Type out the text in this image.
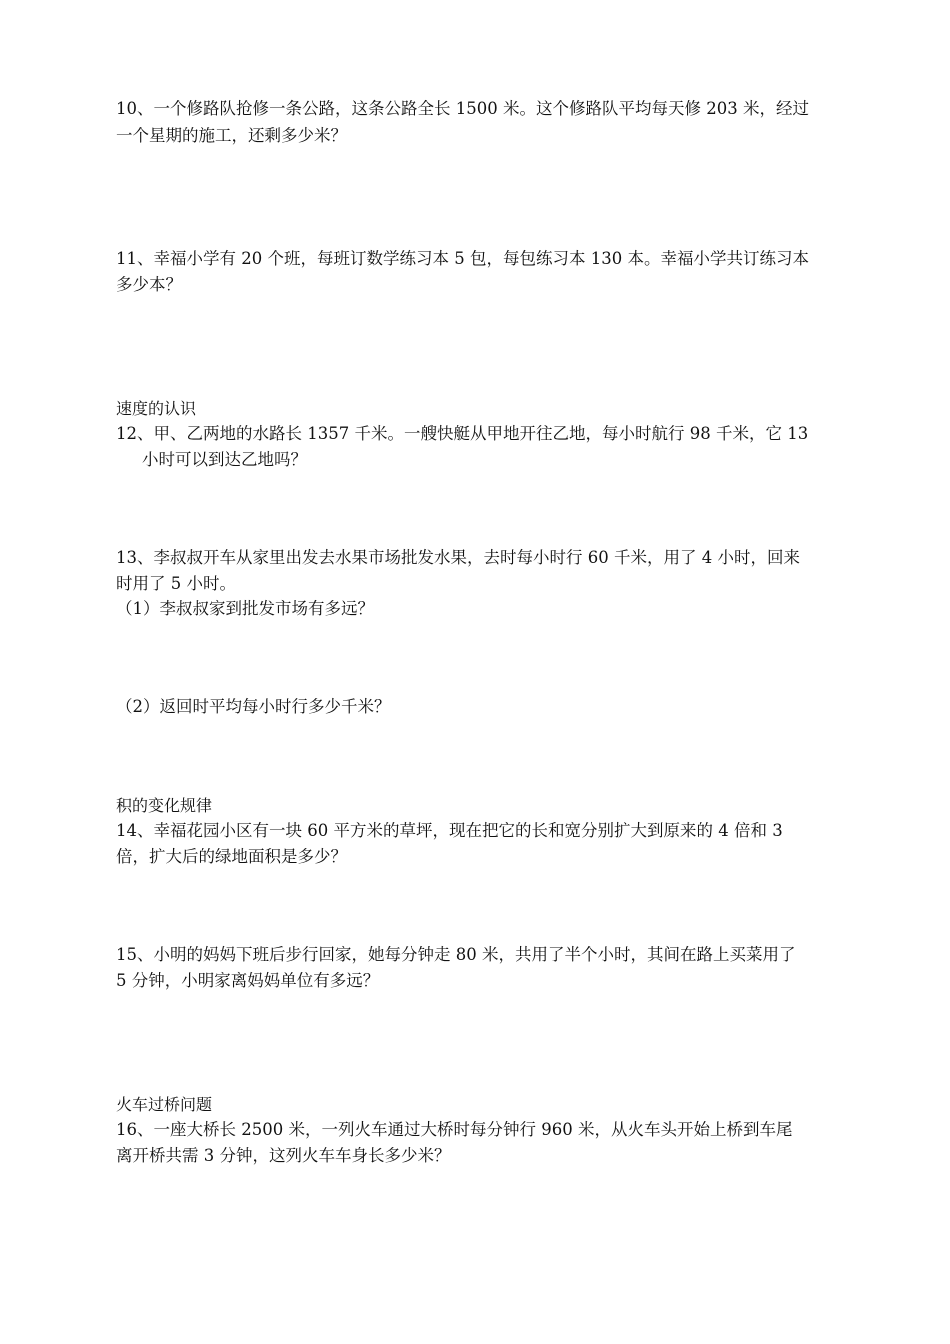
10、一个修路队抢修一条公路，这条公路全长 1500 米。这个修路队平均每天修 203 米，经过
一个星期的施工，还剩多少米？
11、幸福小学有 20 个班，每班订数学练习本 5 包，每包练习本 130 本。幸福小学共订练习本
多少本？
速度的认识
12、甲、乙两地的水路长 1357 千米。一艘快艇从甲地开往乙地，每小时航行 98 千米，它 13
小时可以到达乙地吗？
13、李叔叔开车从家里出发去水果市场批发水果，去时每小时行 60 千米，用了 4 小时，回来
时用了 5 小时。
（1）李叔叔家到批发市场有多远？
（2）返回时平均每小时行多少千米？
积的变化规律
14、幸福花园小区有一块 60 平方米的草坪，现在把它的长和宽分别扩大到原来的 4 倍和 3
倍，扩大后的绿地面积是多少？
15、小明的妈妈下班后步行回家，她每分钟走 80 米，共用了半个小时，其间在路上买菜用了
5 分钟，小明家离妈妈单位有多远？
火车过桥问题
16、一座大桥长 2500 米，一列火车通过大桥时每分钟行 960 米，从火车头开始上桥到车尾
离开桥共需 3 分钟，这列火车车身长多少米？
